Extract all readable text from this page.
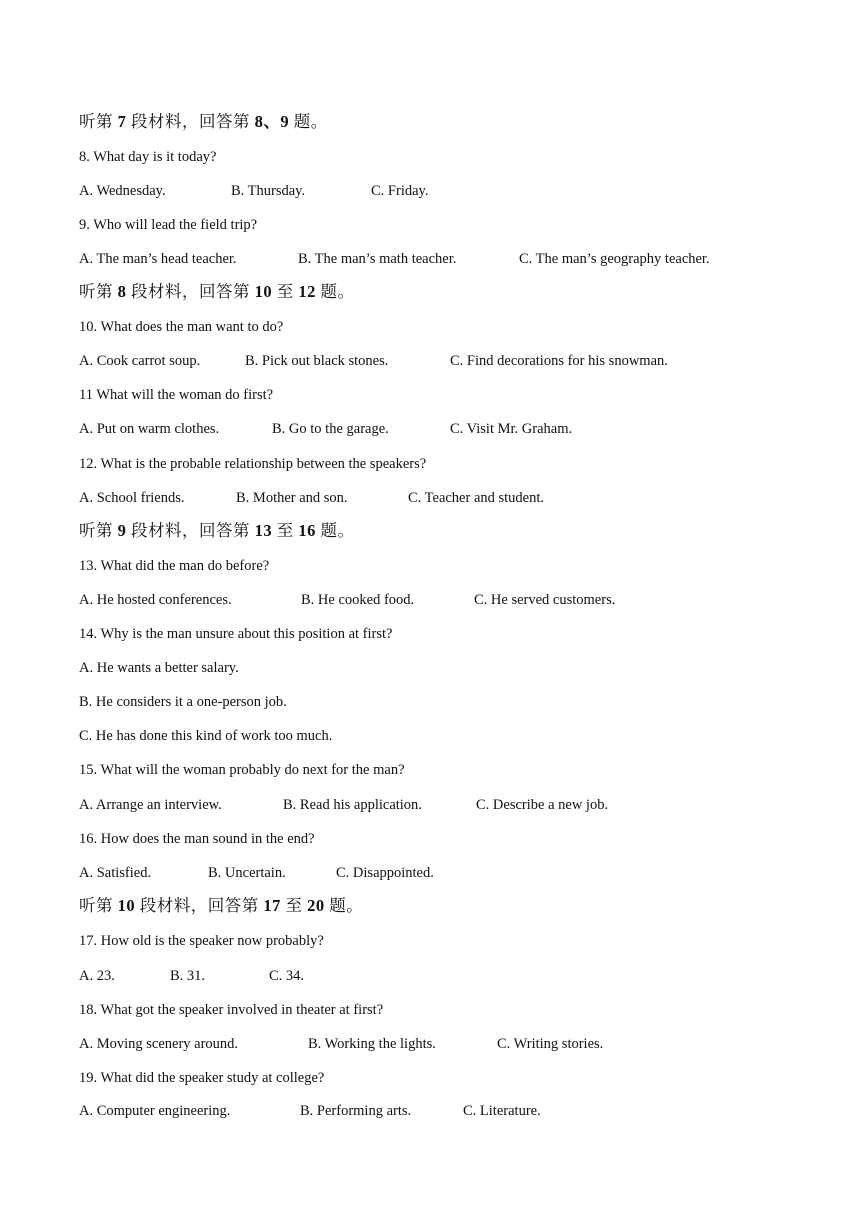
听第 7 段材料，回答第 8、9 题。
8. What day is it today?
A. Wednesday.	B. Thursday.	C. Friday.
9. Who will lead the field trip?
A. The man’s head teacher.	B. The man’s math teacher.	C. The man’s geography teacher.
听第 8 段材料，回答第 10 至 12 题。
10. What does the man want to do?
A. Cook carrot soup.	B. Pick out black stones.	C. Find decorations for his snowman.
11 What will the woman do first?
A. Put on warm clothes.	B. Go to the garage.	C. Visit Mr. Graham.
12. What is the probable relationship between the speakers?
A. School friends.	B. Mother and son.	C. Teacher and student.
听第 9 段材料，回答第 13 至 16 题。
13. What did the man do before?
A. He hosted conferences.	B. He cooked food.	C. He served customers.
14. Why is the man unsure about this position at first?
A. He wants a better salary.
B. He considers it a one-person job.
C. He has done this kind of work too much.
15. What will the woman probably do next for the man?
A. Arrange an interview.	B. Read his application.	C. Describe a new job.
16. How does the man sound in the end?
A. Satisfied.	B. Uncertain.	C. Disappointed.
听第 10 段材料，回答第 17 至 20 题。
17. How old is the speaker now probably?
A. 23.	B. 31.	C. 34.
18. What got the speaker involved in theater at first?
A. Moving scenery around.	B. Working the lights.	C. Writing stories.
19. What did the speaker study at college?
A. Computer engineering.	B. Performing arts.	C. Literature.
